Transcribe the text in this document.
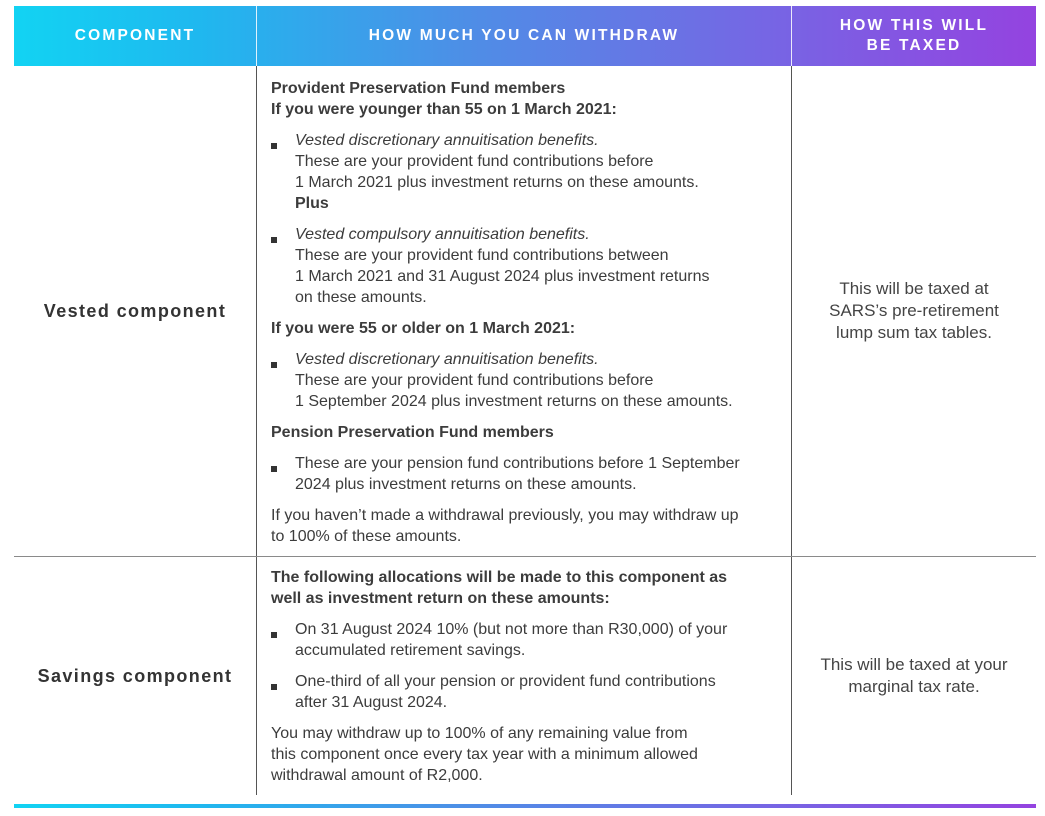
COMPONENT	HOW MUCH YOU CAN WITHDRAW
HOW THIS WILL
BE TAXED
Vested component
Provident Preservation Fund members
If you were younger than 55 on 1 March 2021:
Vested discretionary annuitisation benefits.
These are your provident fund contributions before
1 March 2021 plus investment returns on these amounts.
Plus
Vested compulsory annuitisation benefits.
These are your provident fund contributions between
1 March 2021 and 31 August 2024 plus investment returns
on these amounts.
If you were 55 or older on 1 March 2021:
Vested discretionary annuitisation benefits.
These are your provident fund contributions before
1 September 2024 plus investment returns on these amounts.
Pension Preservation Fund members
These are your pension fund contributions before 1 September
2024 plus investment returns on these amounts.
If you haven’t made a withdrawal previously, you may withdraw up
to 100% of these amounts.
This will be taxed at
SARS’s pre-retirement
lump sum tax tables.
Savings component
The following allocations will be made to this component as
well as investment return on these amounts:
On 31 August 2024 10% (but not more than R30,000) of your
accumulated retirement savings.
One-third of all your pension or provident fund contributions
after 31 August 2024.
You may withdraw up to 100% of any remaining value from
this component once every tax year with a minimum allowed
withdrawal amount of R2,000.
This will be taxed at your
marginal tax rate.
